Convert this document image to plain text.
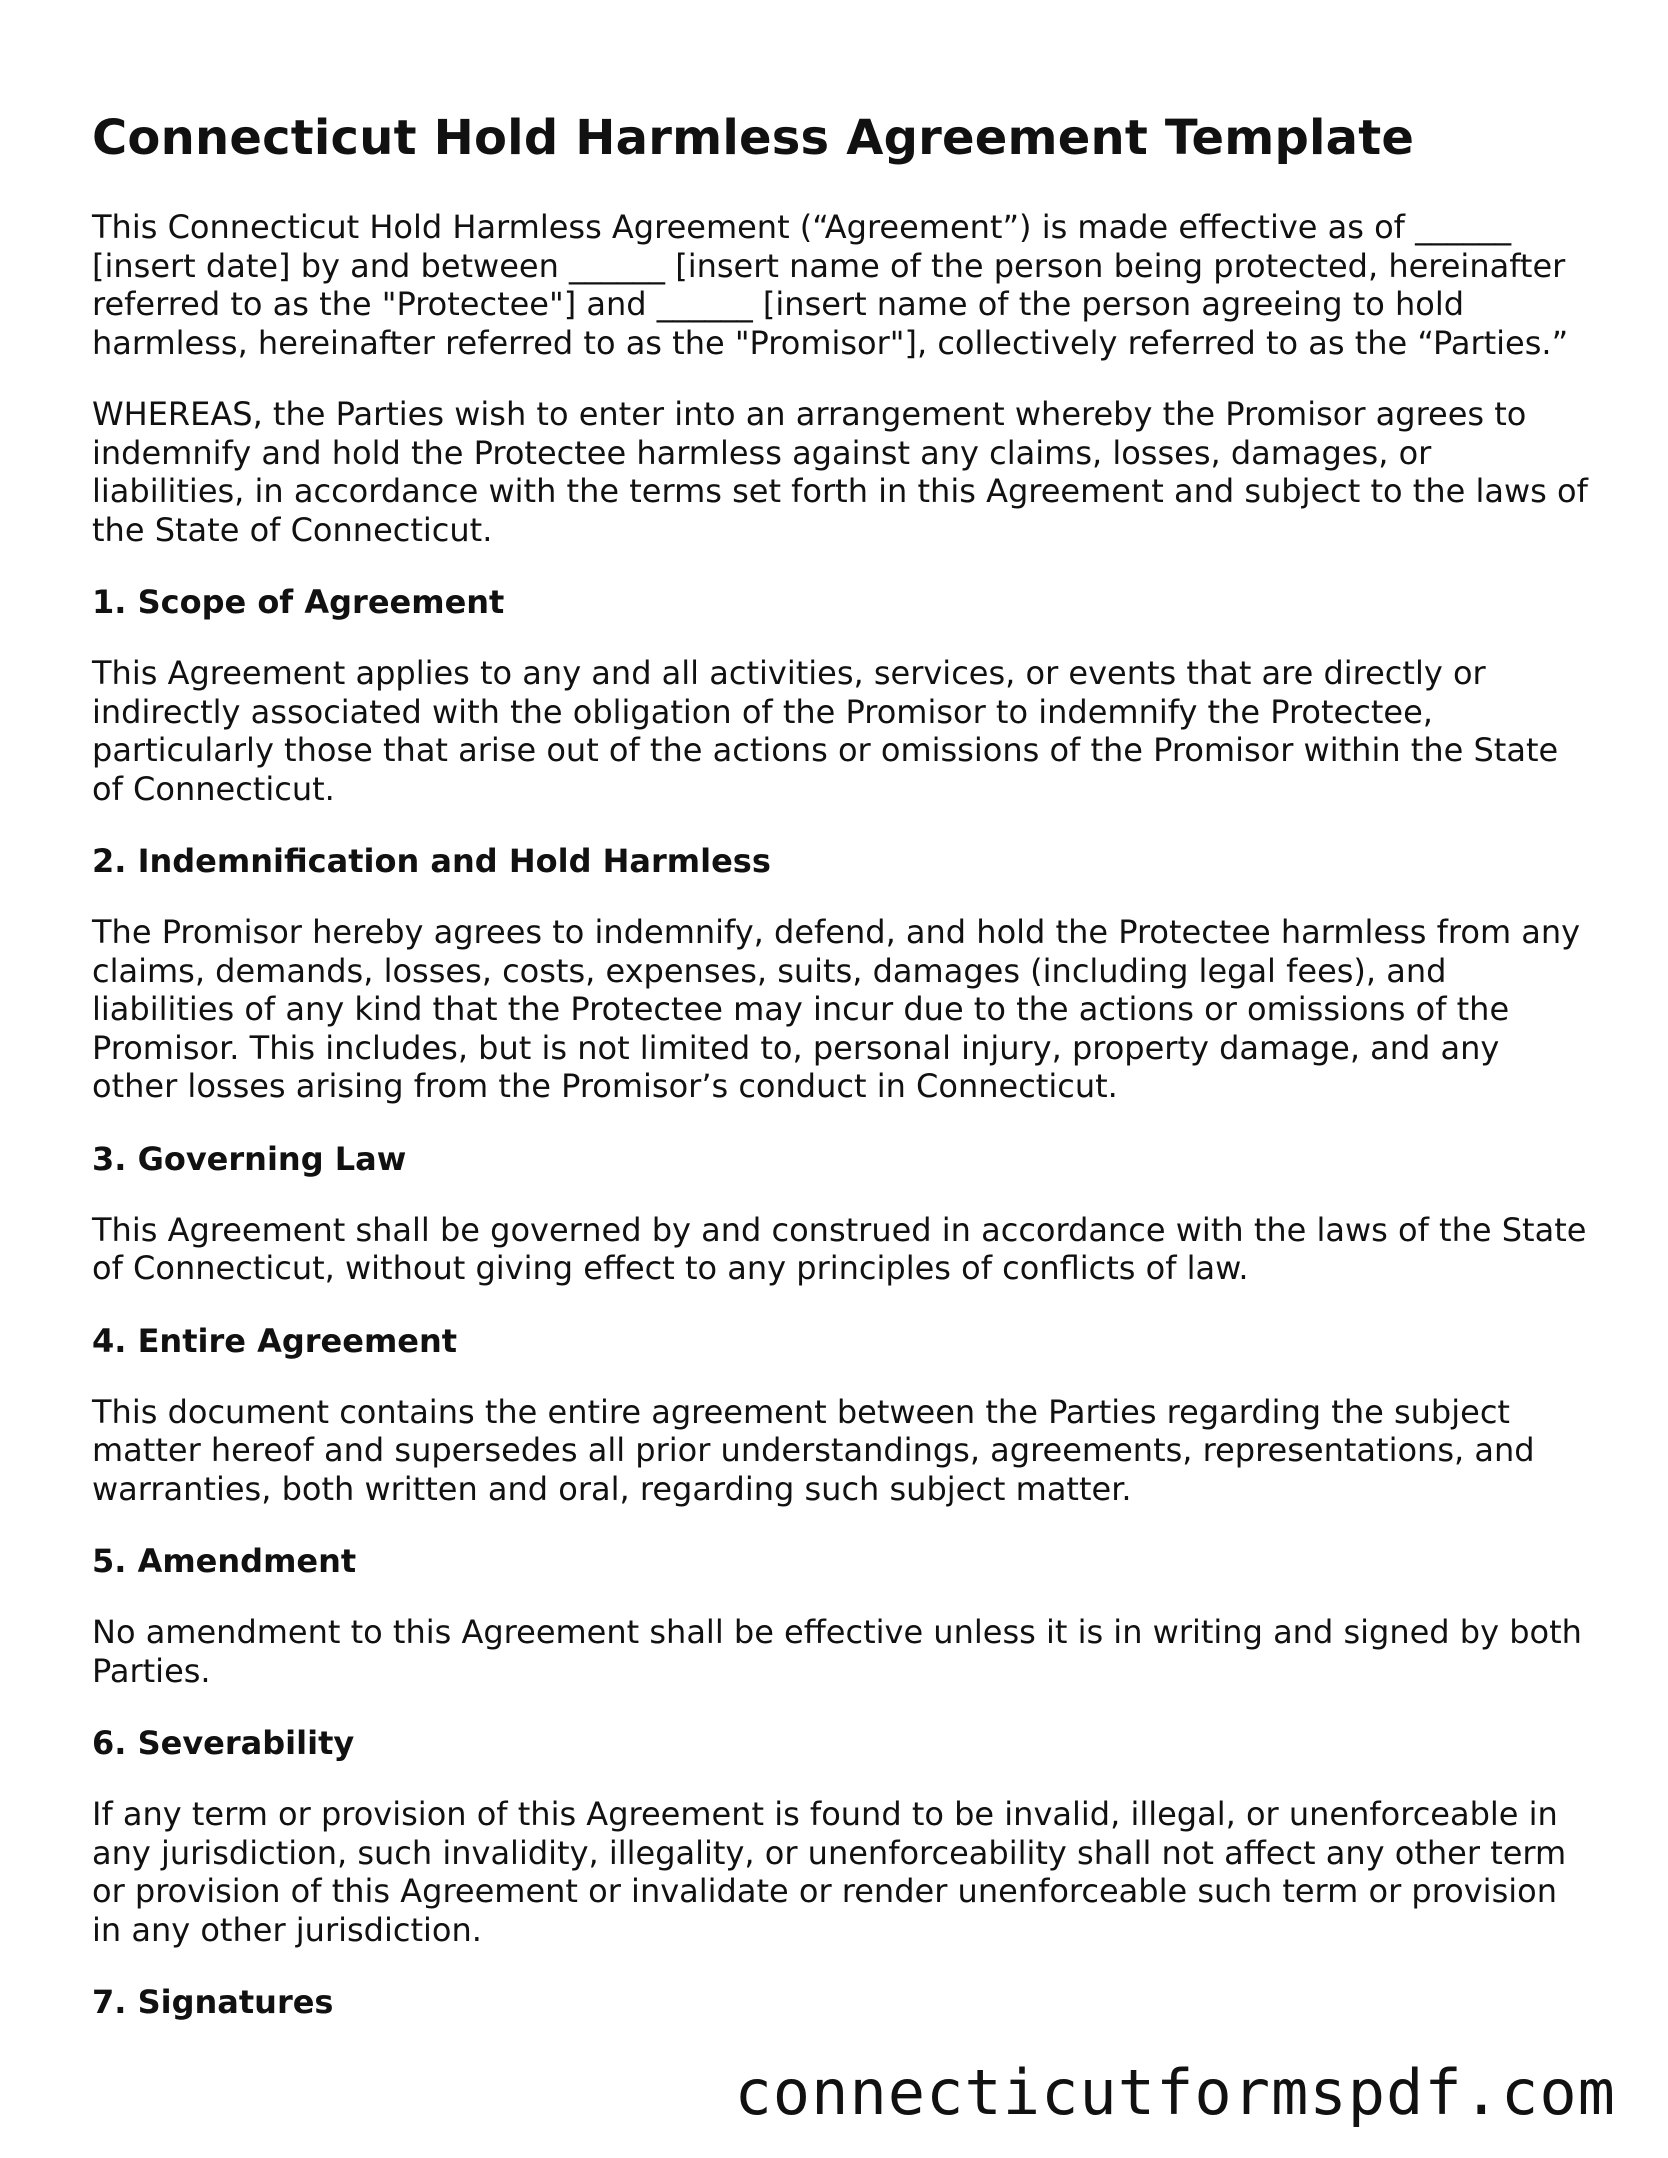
Connecticut Hold Harmless Agreement Template

This Connecticut Hold Harmless Agreement (“Agreement”) is made effective as of ______ [insert date] by and between ______ [insert name of the person being protected, hereinafter referred to as the "Protectee"] and ______ [insert name of the person agreeing to hold harmless, hereinafter referred to as the "Promisor"], collectively referred to as the “Parties.”

WHEREAS, the Parties wish to enter into an arrangement whereby the Promisor agrees to indemnify and hold the Protectee harmless against any claims, losses, damages, or liabilities, in accordance with the terms set forth in this Agreement and subject to the laws of the State of Connecticut.

1. Scope of Agreement

This Agreement applies to any and all activities, services, or events that are directly or indirectly associated with the obligation of the Promisor to indemnify the Protectee, particularly those that arise out of the actions or omissions of the Promisor within the State of Connecticut.

2. Indemnification and Hold Harmless

The Promisor hereby agrees to indemnify, defend, and hold the Protectee harmless from any claims, demands, losses, costs, expenses, suits, damages (including legal fees), and liabilities of any kind that the Protectee may incur due to the actions or omissions of the Promisor. This includes, but is not limited to, personal injury, property damage, and any other losses arising from the Promisor’s conduct in Connecticut.

3. Governing Law

This Agreement shall be governed by and construed in accordance with the laws of the State of Connecticut, without giving effect to any principles of conflicts of law.

4. Entire Agreement

This document contains the entire agreement between the Parties regarding the subject matter hereof and supersedes all prior understandings, agreements, representations, and warranties, both written and oral, regarding such subject matter.

5. Amendment

No amendment to this Agreement shall be effective unless it is in writing and signed by both Parties.

6. Severability

If any term or provision of this Agreement is found to be invalid, illegal, or unenforceable in any jurisdiction, such invalidity, illegality, or unenforceability shall not affect any other term or provision of this Agreement or invalidate or render unenforceable such term or provision in any other jurisdiction.

7. Signatures
connecticutformspdf.com
